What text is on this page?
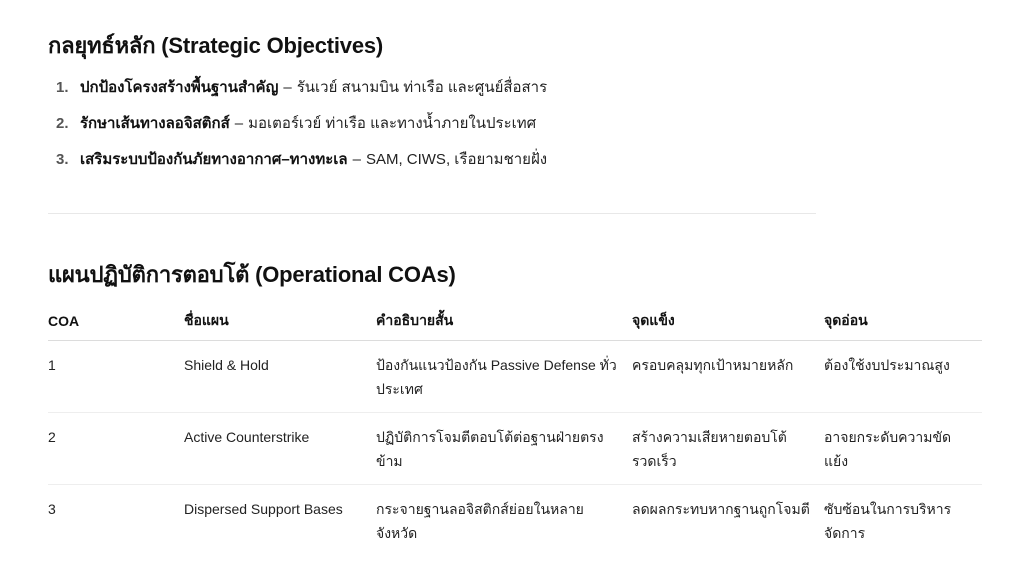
กลยุทธ์หลัก (Strategic Objectives)
1. ปกป้องโครงสร้างพื้นฐานสำคัญ – รันเวย์ สนามบิน ท่าเรือ และศูนย์สื่อสาร
2. รักษาเส้นทางลอจิสติกส์ – มอเตอร์เวย์ ท่าเรือ และทางน้ำภายในประเทศ
3. เสริมระบบป้องกันภัยทางอากาศ–ทางทะเล – SAM, CIWS, เรือยามชายฝั่ง
แผนปฏิบัติการตอบโต้ (Operational COAs)
COA	ชื่อแผน	คำอธิบายสั้น	จุดแข็ง	จุดอ่อน
1	Shield & Hold	ป้องกันแนวป้องกัน Passive Defense ทั่วประเทศ	ครอบคลุมทุกเป้าหมายหลัก	ต้องใช้งบประมาณสูง
2	Active Counterstrike	ปฏิบัติการโจมตีตอบโต้ต่อฐานฝ่ายตรงข้าม	สร้างความเสียหายตอบโต้รวดเร็ว	อาจยกระดับความขัดแย้ง
3	Dispersed Support Bases	กระจายฐานลอจิสติกส์ย่อยในหลายจังหวัด	ลดผลกระทบหากฐานถูกโจมตี	ซับซ้อนในการบริหารจัดการ
